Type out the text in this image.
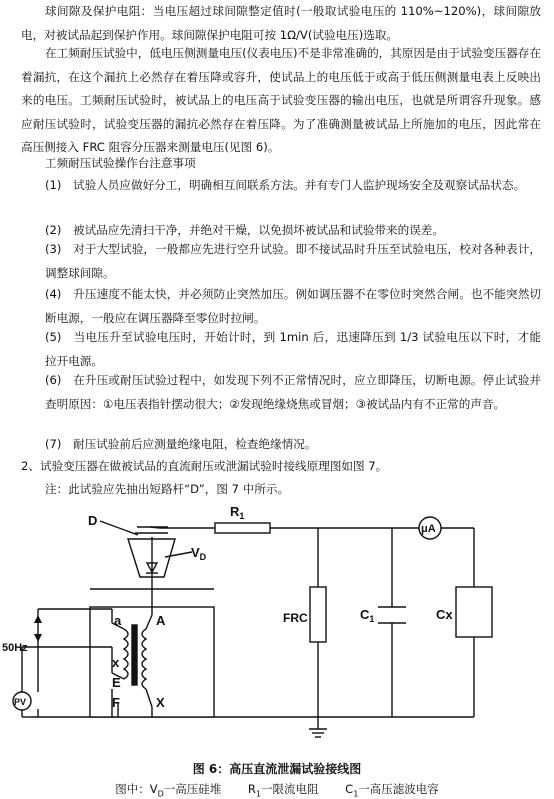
球间隙及保护电阻：当电压超过球间隙整定值时(一般取试验电压的 110%~120%)，球间隙放电，对被试品起到保护作用。球间隙保护电阻可按 1Ω/V(试验电压)选取。

在工频耐压试验中，低电压侧测量电压(仪表电压)不是非常准确的，其原因是由于试验变压器存在着漏抗，在这个漏抗上必然存在着压降或容升，使试品上的电压低于或高于低压侧测量电表上反映出来的电压。工频耐压试验时，被试品上的电压高于试验变压器的输出电压，也就是所谓容升现象。感应耐压试验时，试验变压器的漏抗必然存在着压降。为了准确测量被试品上所施加的电压，因此常在高压侧接入 FRC 阻容分压器来测量电压(见图 6)。

工频耐压试验操作台注意事项

(1)　试验人员应做好分工，明确相互间联系方法。并有专门人监护现场安全及观察试品状态。

(2)　被试品应先清扫干净，并绝对干燥，以免损坏被试品和试验带来的误差。

(3)　对于大型试验，一般都应先进行空升试验。即不接试品时升压至试验电压，校对各种表计，调整球间隙。

(4)　升压速度不能太快，并必须防止突然加压。例如调压器不在零位时突然合闸。也不能突然切断电源，一般应在调压器降至零位时拉闸。

(5)　当电压升至试验电压时，开始计时，到 1min 后，迅速降压到 1/3 试验电压以下时，才能拉开电源。

(6)　在升压或耐压试验过程中，如发现下列不正常情况时，应立即降压，切断电源。停止试验并查明原因：①电压表指针摆动很大；②发现绝缘烧焦或冒烟；③被试品内有不正常的声音。

(7)　耐压试验前后应测量绝缘电阻，检查绝缘情况。

2、试验变压器在做被试品的直流耐压或泄漏试验时接线原理图如图 7。

注：此试验应先抽出短路杆“D”，图 7 中所示。

D
$V_D$
$R_1$
μA
FRC	$C_1$	Cx
a	A
x
E
F	X
50Hz
PV
图 6：高压直流泄漏试验接线图
图中：$V_D$一高压硅堆 　　 $R_1$一限流电阻 　　 $C_1$一高压滤波电容
